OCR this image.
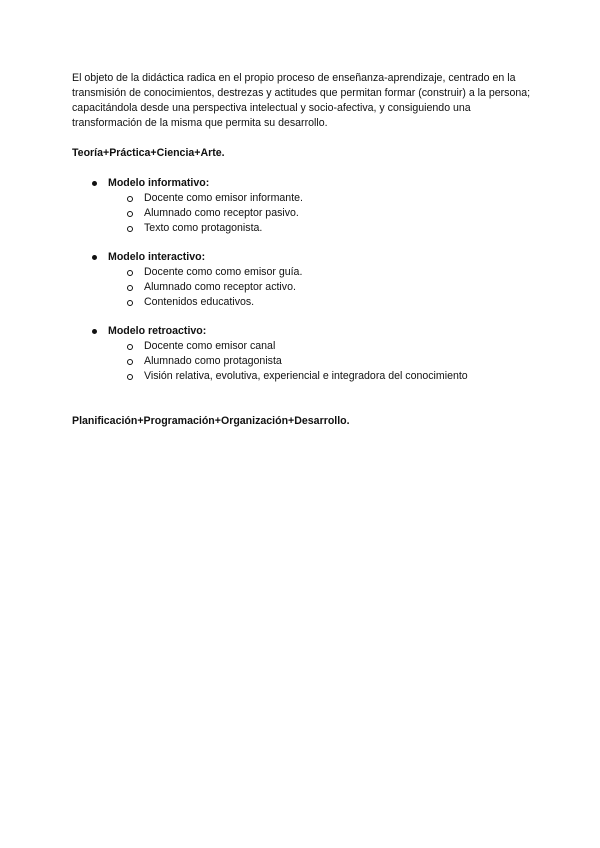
El objeto de la didáctica radica en el propio proceso de enseñanza-aprendizaje, centrado en la transmisión de conocimientos, destrezas y actitudes que permitan formar (construir) a la persona; capacitándola desde una perspectiva intelectual y socio-afectiva, y consiguiendo una transformación de la misma que permita su desarrollo.

Teoría+Práctica+Ciencia+Arte.

Modelo informativo:
Docente como emisor informante.
Alumnado como receptor pasivo.
Texto como protagonista.
Modelo interactivo:
Docente como como emisor guía.
Alumnado como receptor activo.
Contenidos educativos.
Modelo retroactivo:
Docente como emisor canal
Alumnado como protagonista
Visión relativa, evolutiva, experiencial e integradora del conocimiento

Planificación+Programación+Organización+Desarrollo.
